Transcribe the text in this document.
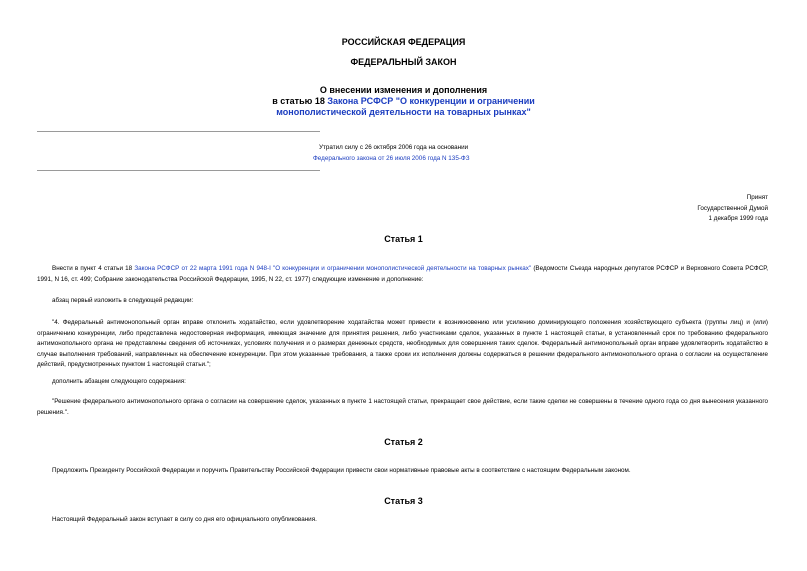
РОССИЙСКАЯ ФЕДЕРАЦИЯ
ФЕДЕРАЛЬНЫЙ ЗАКОН
О внесении изменения и дополнения
в статью 18 Закона РСФСР "О конкуренции и ограничении
монополистической деятельности на товарных рынках"
Утратил силу с 26 октября 2006 года на основании
Федерального закона от 26 июля 2006 года N 135-ФЗ
Принят
Государственной Думой
1 декабря 1999 года
Статья 1
Внести в пункт 4 статьи 18 Закона РСФСР от 22 марта 1991 года N 948-I "О конкуренции и ограничении монополистической деятельности на товарных рынках" (Ведомости Съезда народных депутатов РСФСР и Верховного Совета РСФСР, 1991, N 16, ст. 499; Собрание законодательства Российской Федерации, 1995, N 22, ст. 1977) следующие изменение и дополнение:
абзац первый изложить в следующей редакции:
"4. Федеральный антимонопольный орган вправе отклонить ходатайство, если удовлетворение ходатайства может привести к возникновению или усилению доминирующего положения хозяйствующего субъекта (группы лиц) и (или) ограничению конкуренции, либо представлена недостоверная информация, имеющая значение для принятия решения, либо участниками сделок, указанных в пункте 1 настоящей статьи, в установленный срок по требованию федерального антимонопольного органа не представлены сведения об источниках, условиях получения и о размерах денежных средств, необходимых для совершения таких сделок. Федеральный антимонопольный орган вправе удовлетворить ходатайство в случае выполнения требований, направленных на обеспечение конкуренции. При этом указанные требования, а также сроки их исполнения должны содержаться в решении федерального антимонопольного органа о согласии на осуществление действий, предусмотренных пунктом 1 настоящей статьи.";
дополнить абзацем следующего содержания:
"Решение федерального антимонопольного органа о согласии на совершение сделок, указанных в пункте 1 настоящей статьи, прекращает свое действие, если такие сделки не совершены в течение одного года со дня вынесения указанного решения.".
Статья 2
Предложить Президенту Российской Федерации и поручить Правительству Российской Федерации привести свои нормативные правовые акты в соответствие с настоящим Федеральным законом.
Статья 3
Настоящий Федеральный закон вступает в силу со дня его официального опубликования.
